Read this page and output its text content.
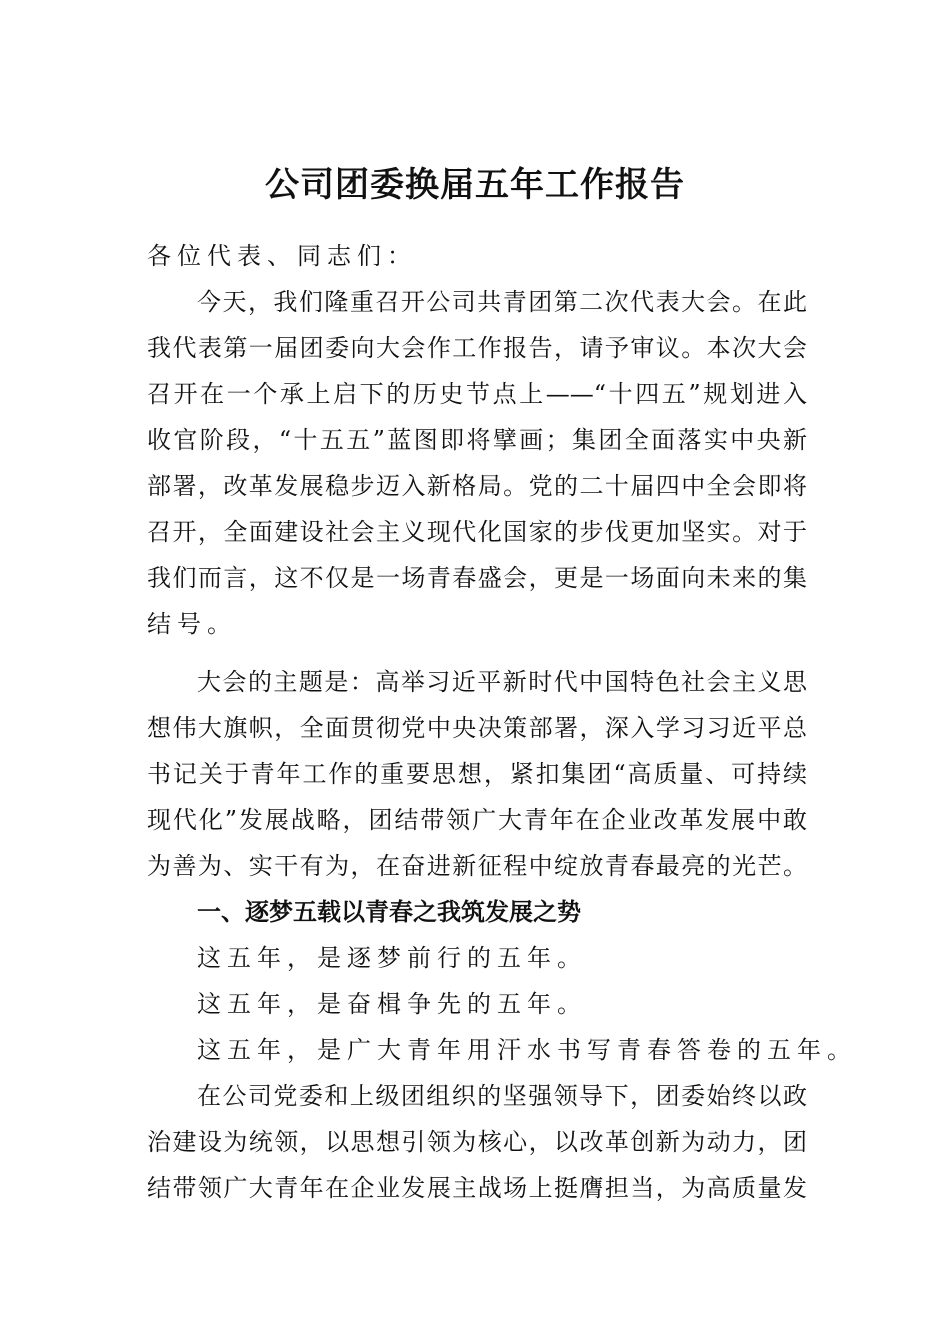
公司团委换届五年工作报告
各位代表、同志们：
今天，我们隆重召开公司共青团第二次代表大会。在此
我代表第一届团委向大会作工作报告，请予审议。本次大会
召开在一个承上启下的历史节点上——“十四五”规划进入
收官阶段，“十五五”蓝图即将擘画；集团全面落实中央新
部署，改革发展稳步迈入新格局。党的二十届四中全会即将
召开，全面建设社会主义现代化国家的步伐更加坚实。对于
我们而言，这不仅是一场青春盛会，更是一场面向未来的集
结号。
大会的主题是：高举习近平新时代中国特色社会主义思
想伟大旗帜，全面贯彻党中央决策部署，深入学习习近平总
书记关于青年工作的重要思想，紧扣集团“高质量、可持续
现代化”发展战略，团结带领广大青年在企业改革发展中敢
为善为、实干有为，在奋进新征程中绽放青春最亮的光芒。
一、逐梦五载以青春之我筑发展之势
这五年，是逐梦前行的五年。
这五年，是奋楫争先的五年。
这五年，是广大青年用汗水书写青春答卷的五年。
在公司党委和上级团组织的坚强领导下，团委始终以政
治建设为统领，以思想引领为核心，以改革创新为动力，团
结带领广大青年在企业发展主战场上挺膺担当，为高质量发
